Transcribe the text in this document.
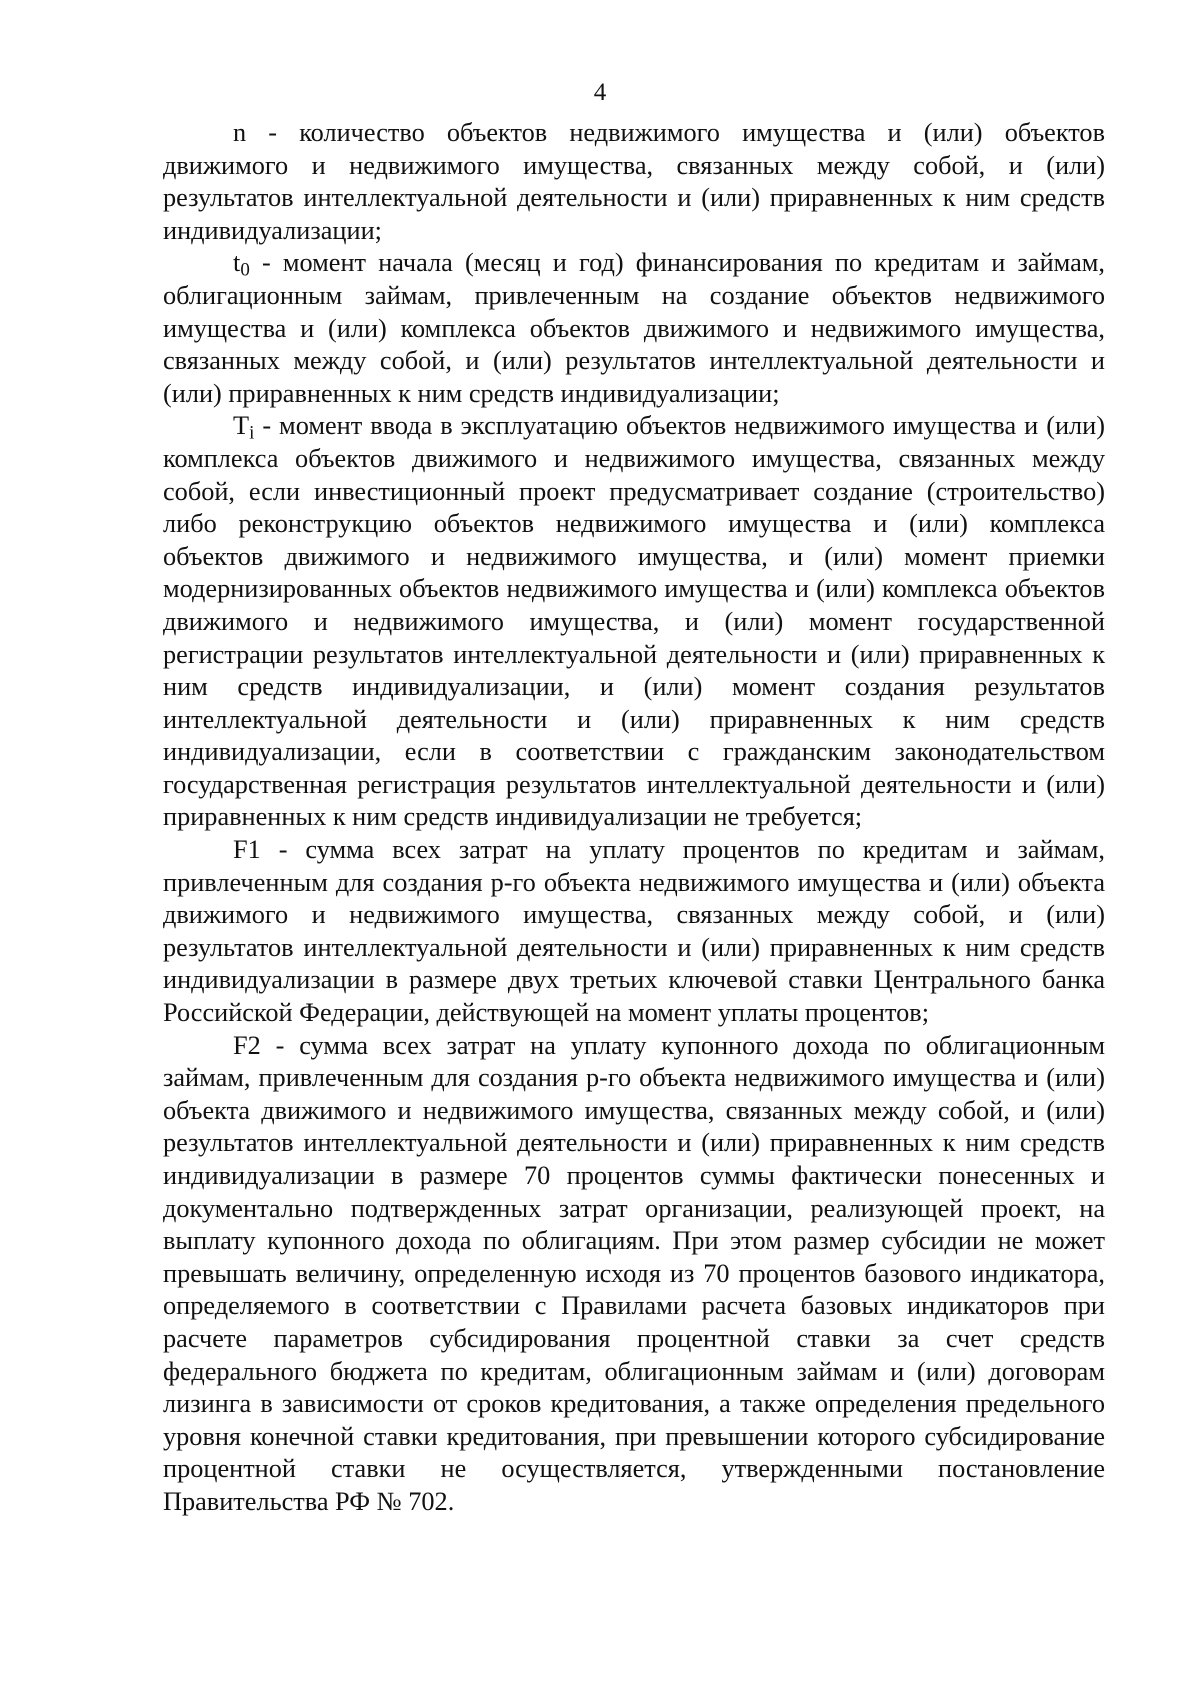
4

n - количество объектов недвижимого имущества и (или) объектов движимого и недвижимого имущества, связанных между собой, и (или) результатов интеллектуальной деятельности и (или) приравненных к ним средств индивидуализации;

$t_0$ - момент начала (месяц и год) финансирования по кредитам и займам, облигационным займам, привлеченным на создание объектов недвижимого имущества и (или) комплекса объектов движимого и недвижимого имущества, связанных между собой, и (или) результатов интеллектуальной деятельности и (или) приравненных к ним средств индивидуализации;

$T_i$ - момент ввода в эксплуатацию объектов недвижимого имущества и (или) комплекса объектов движимого и недвижимого имущества, связанных между собой, если инвестиционный проект предусматривает создание (строительство) либо реконструкцию объектов недвижимого имущества и (или) комплекса объектов движимого и недвижимого имущества, и (или) момент приемки модернизированных объектов недвижимого имущества и (или) комплекса объектов движимого и недвижимого имущества, и (или) момент государственной регистрации результатов интеллектуальной деятельности и (или) приравненных к ним средств индивидуализации, и (или) момент создания результатов интеллектуальной деятельности и (или) приравненных к ним средств индивидуализации, если в соответствии с гражданским законодательством государственная регистрация результатов интеллектуальной деятельности и (или) приравненных к ним средств индивидуализации не требуется;

F1 - сумма всех затрат на уплату процентов по кредитам и займам, привлеченным для создания p-го объекта недвижимого имущества и (или) объекта движимого и недвижимого имущества, связанных между собой, и (или) результатов интеллектуальной деятельности и (или) приравненных к ним средств индивидуализации в размере двух третьих ключевой ставки Центрального банка Российской Федерации, действующей на момент уплаты процентов;

F2 - сумма всех затрат на уплату купонного дохода по облигационным займам, привлеченным для создания p-го объекта недвижимого имущества и (или) объекта движимого и недвижимого имущества, связанных между собой, и (или) результатов интеллектуальной деятельности и (или) приравненных к ним средств индивидуализации в размере 70 процентов суммы фактически понесенных и документально подтвержденных затрат организации, реализующей проект, на выплату купонного дохода по облигациям. При этом размер субсидии не может превышать величину, определенную исходя из 70 процентов базового индикатора, определяемого в соответствии с Правилами расчета базовых индикаторов при расчете параметров субсидирования процентной ставки за счет средств федерального бюджета по кредитам, облигационным займам и (или) договорам лизинга в зависимости от сроков кредитования, а также определения предельного уровня конечной ставки кредитования, при превышении которого субсидирование процентной ставки не осуществляется, утвержденными постановление Правительства РФ № 702.
